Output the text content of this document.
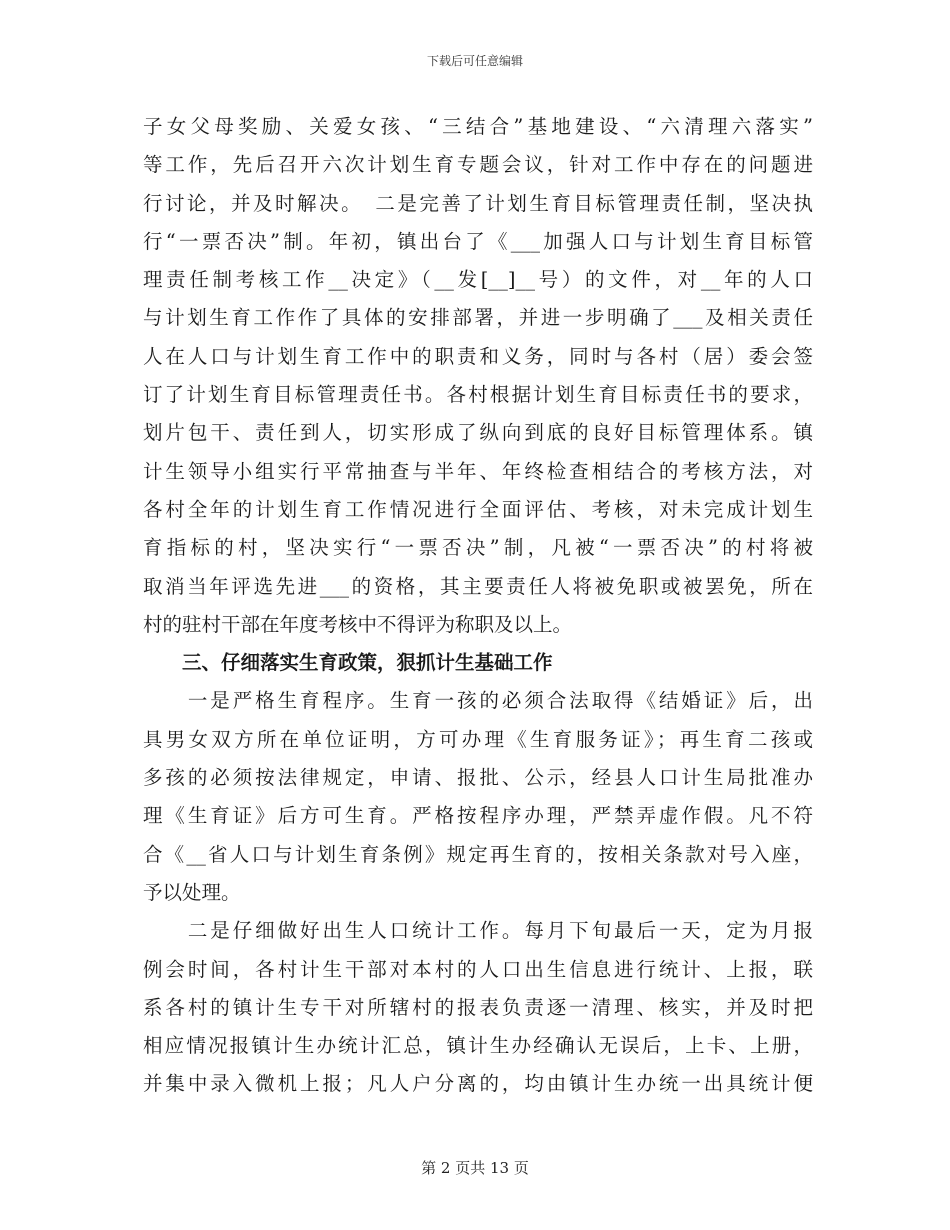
下载后可任意编辑
子女父母奖励、关爱女孩、“三结合”基地建设、“六清理六落实”
等工作，先后召开六次计划生育专题会议，针对工作中存在的问题进
行讨论，并及时解决。　二是完善了计划生育目标管理责任制，坚决执
行“一票否决”制。年初，镇出台了《___加强人口与计划生育目标管
理责任制考核工作__决定》（__发[__]__号）的文件，对__年的人口
与计划生育工作作了具体的安排部署，并进一步明确了___及相关责任
人在人口与计划生育工作中的职责和义务，同时与各村（居）委会签
订了计划生育目标管理责任书。各村根据计划生育目标责任书的要求，
划片包干、责任到人，切实形成了纵向到底的良好目标管理体系。镇
计生领导小组实行平常抽查与半年、年终检查相结合的考核方法，对
各村全年的计划生育工作情况进行全面评估、考核，对未完成计划生
育指标的村，坚决实行“一票否决”制，凡被“一票否决”的村将被
取消当年评选先进___的资格，其主要责任人将被免职或被罢免，所在
村的驻村干部在年度考核中不得评为称职及以上。
　　三、仔细落实生育政策，狠抓计生基础工作
　　一是严格生育程序。生育一孩的必须合法取得《结婚证》后，出
具男女双方所在单位证明，方可办理《生育服务证》；再生育二孩或
多孩的必须按法律规定，申请、报批、公示，经县人口计生局批准办
理《生育证》后方可生育。严格按程序办理，严禁弄虚作假。凡不符
合《__省人口与计划生育条例》规定再生育的，按相关条款对号入座，
予以处理。
　　二是仔细做好出生人口统计工作。每月下旬最后一天，定为月报
例会时间，各村计生干部对本村的人口出生信息进行统计、上报，联
系各村的镇计生专干对所辖村的报表负责逐一清理、核实，并及时把
相应情况报镇计生办统计汇总，镇计生办经确认无误后，上卡、上册，
并集中录入微机上报；凡人户分离的，均由镇计生办统一出具统计便
第 2 页共 13 页
